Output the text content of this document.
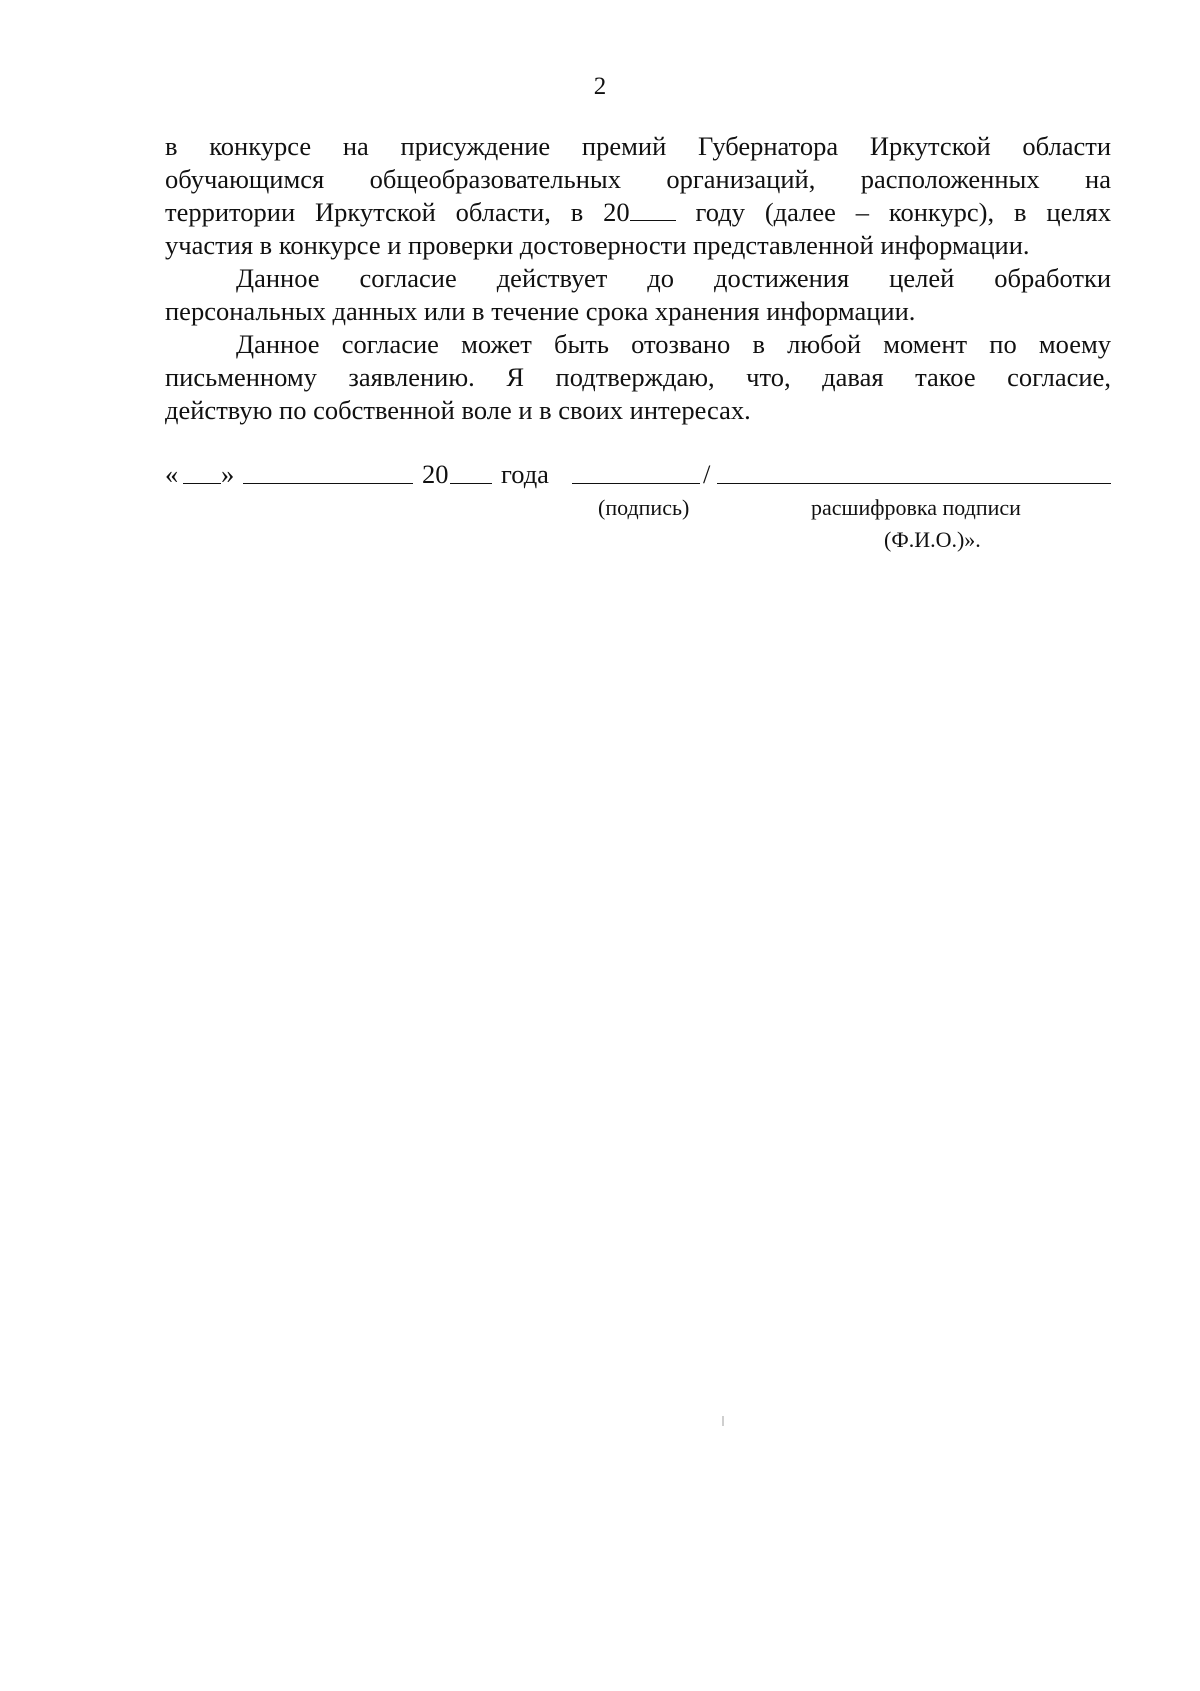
2
в конкурсе на присуждение премий Губернатора Иркутской области
обучающимся общеобразовательных организаций, расположенных на
территории Иркутской области, в 20 году (далее – конкурс), в целях
участия в конкурсе и проверки достоверности представленной информации.
Данное согласие действует до достижения целей обработки
персональных данных или в течение срока хранения информации.
Данное согласие может быть отозвано в любой момент по моему
письменному заявлению. Я подтверждаю, что, давая такое согласие,
действую по собственной воле и в своих интересах.
« »	20 года	/
(подпись)	расшифровка подписи
(Ф.И.О.)».
